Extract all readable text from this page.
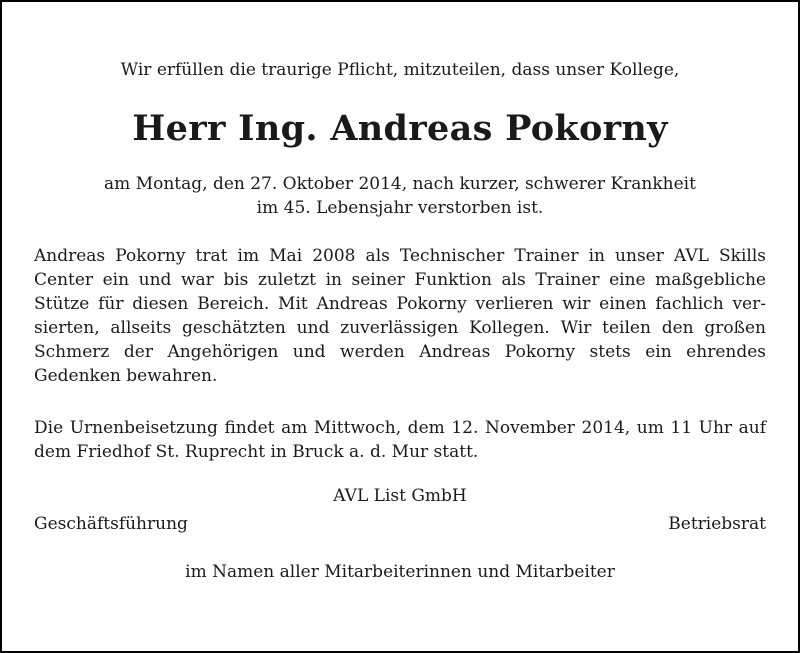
Wir erfüllen die traurige Pflicht, mitzuteilen, dass unser Kollege,

Herr Ing. Andreas Pokorny

am Montag, den 27. Oktober 2014, nach kurzer, schwerer Krankheit
im 45. Lebensjahr verstorben ist.

Andreas Pokorny trat im Mai 2008 als Technischer Trainer in unser AVL Skills
Center ein und war bis zuletzt in seiner Funktion als Trainer eine maßgebliche
Stütze für diesen Bereich. Mit Andreas Pokorny verlieren wir einen fachlich ver-
sierten, allseits geschätzten und zuverlässigen Kollegen. Wir teilen den großen
Schmerz der Angehörigen und werden Andreas Pokorny stets ein ehrendes
Gedenken bewahren.

Die Urnenbeisetzung findet am Mittwoch, dem 12. November 2014, um 11 Uhr auf
dem Friedhof St. Ruprecht in Bruck a. d. Mur statt.

AVL List GmbH

Geschäftsführung	Betriebsrat

im Namen aller Mitarbeiterinnen und Mitarbeiter
